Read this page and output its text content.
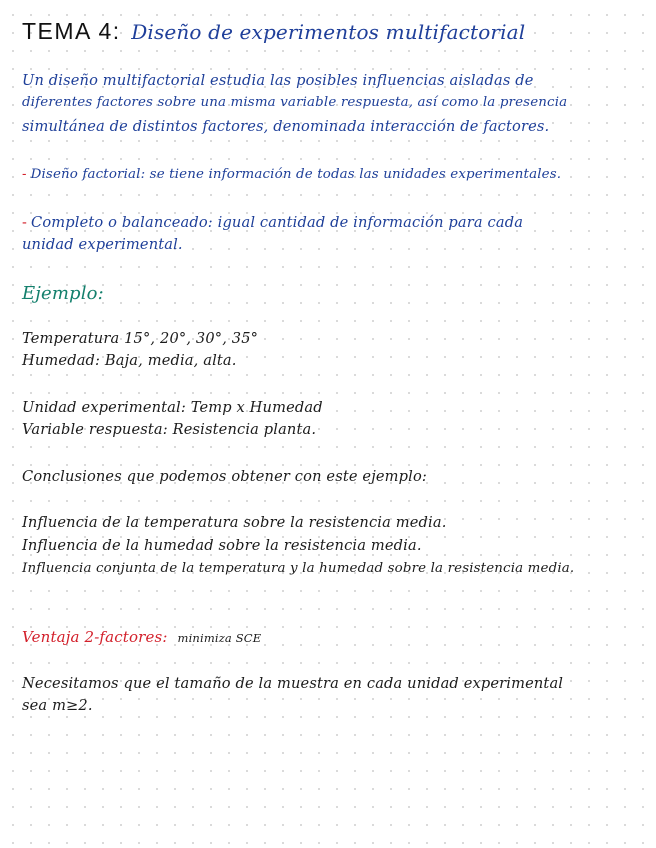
TEMA 4: Diseño de experimentos multifactorial
Un diseño multifactorial estudia las posibles influencias aisladas de
diferentes factores sobre una misma variable respuesta, así como la presencia
simultánea de distintos factores, denominada interacción de factores.
- Diseño factorial: se tiene información de todas las unidades experimentales.
- Completo o balanceado: igual cantidad de información para cada
unidad experimental.
Ejemplo:
Temperatura 15°, 20°, 30°, 35°
Humedad: Baja, media, alta.
Unidad experimental: Temp x Humedad
Variable respuesta: Resistencia planta.
Conclusiones que podemos obtener con este ejemplo:
Influencia de la temperatura sobre la resistencia media.
Influencia de la humedad sobre la resistencia media.
Influencia conjunta de la temperatura y la humedad sobre la resistencia media.
Ventaja 2-factores: minimiza SCE
Necesitamos que el tamaño de la muestra en cada unidad experimental
sea m≥2.
